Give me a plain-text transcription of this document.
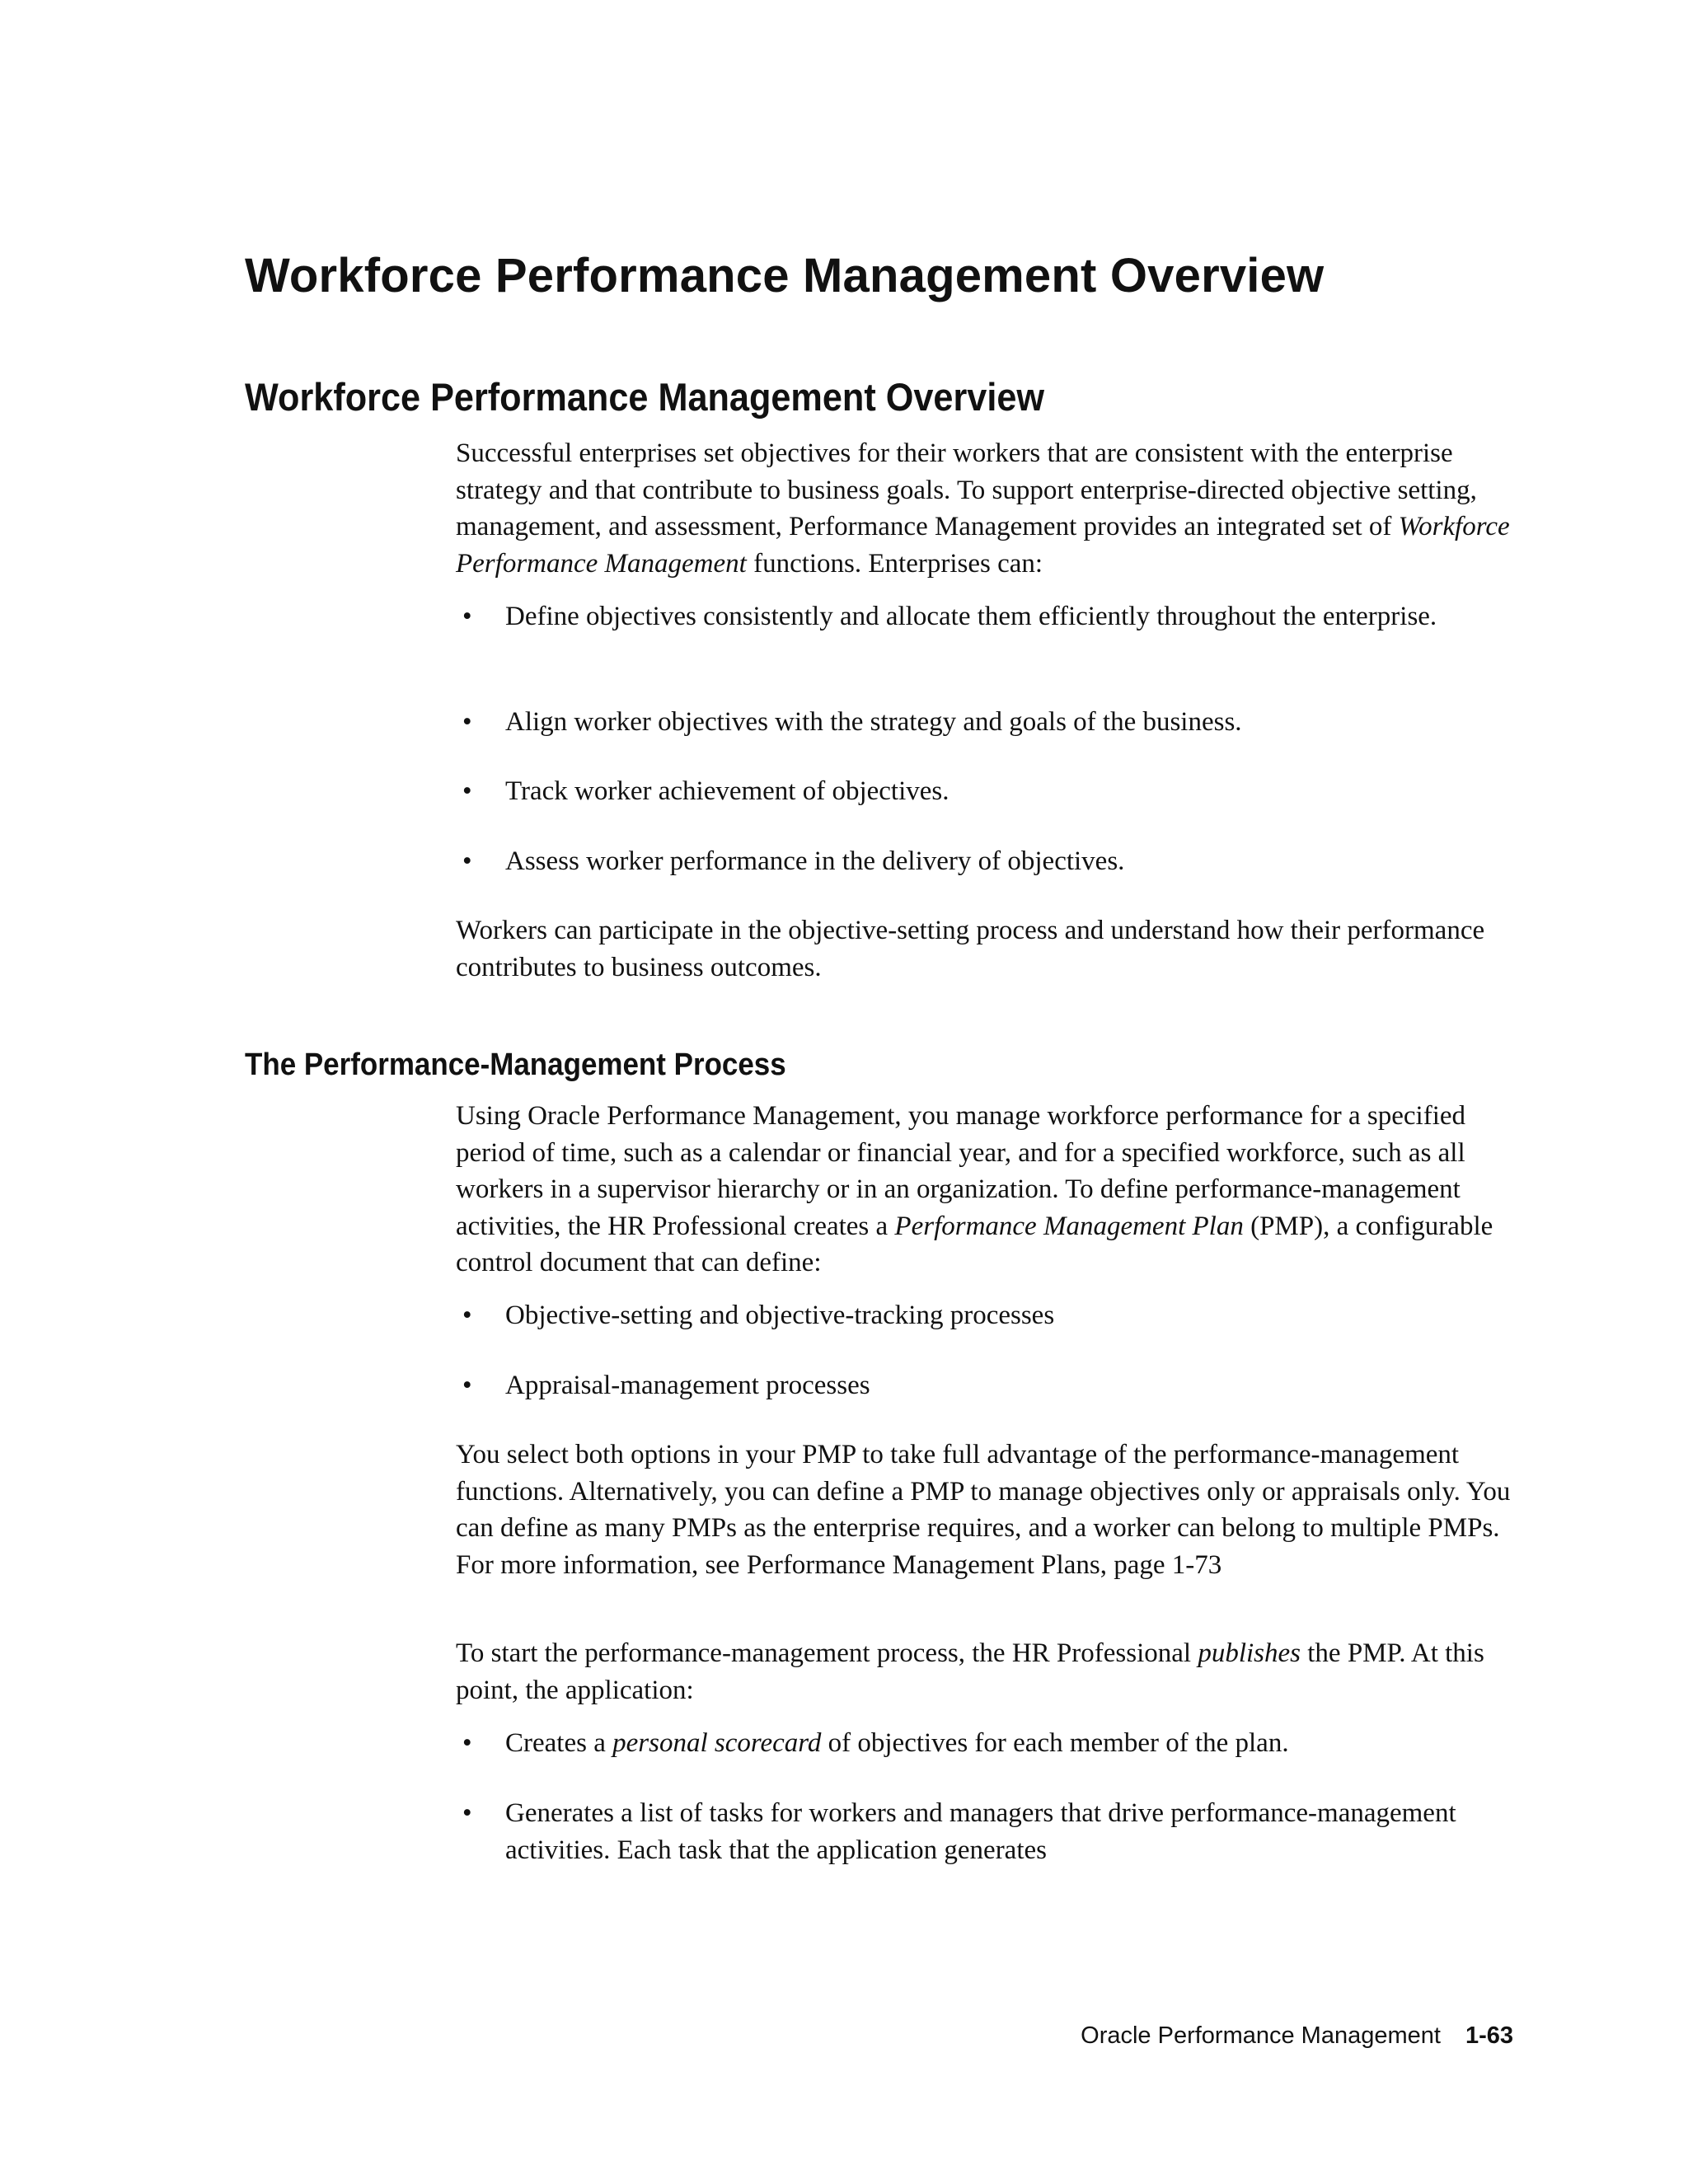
Workforce Performance Management Overview
Workforce Performance Management Overview

Successful enterprises set objectives for their workers that are consistent with the enterprise strategy and that contribute to business goals. To support enterprise-directed objective setting, management, and assessment, Performance Management provides an integrated set of Workforce Performance Management functions. Enterprises can:

• Define objectives consistently and allocate them efficiently throughout the enterprise.
• Align worker objectives with the strategy and goals of the business.
• Track worker achievement of objectives.
• Assess worker performance in the delivery of objectives.

Workers can participate in the objective-setting process and understand how their performance contributes to business outcomes.

The Performance-Management Process

Using Oracle Performance Management, you manage workforce performance for a specified period of time, such as a calendar or financial year, and for a specified workforce, such as all workers in a supervisor hierarchy or in an organization. To define performance-management activities, the HR Professional creates a Performance Management Plan (PMP), a configurable control document that can define:

• Objective-setting and objective-tracking processes
• Appraisal-management processes

You select both options in your PMP to take full advantage of the performance-management functions. Alternatively, you can define a PMP to manage objectives only or appraisals only. You can define as many PMPs as the enterprise requires, and a worker can belong to multiple PMPs. For more information, see Performance Management Plans, page 1-73

To start the performance-management process, the HR Professional publishes the PMP. At this point, the application:

• Creates a personal scorecard of objectives for each member of the plan.
• Generates a list of tasks for workers and managers that drive performance-management activities. Each task that the application generates
Oracle Performance Management 1-63
